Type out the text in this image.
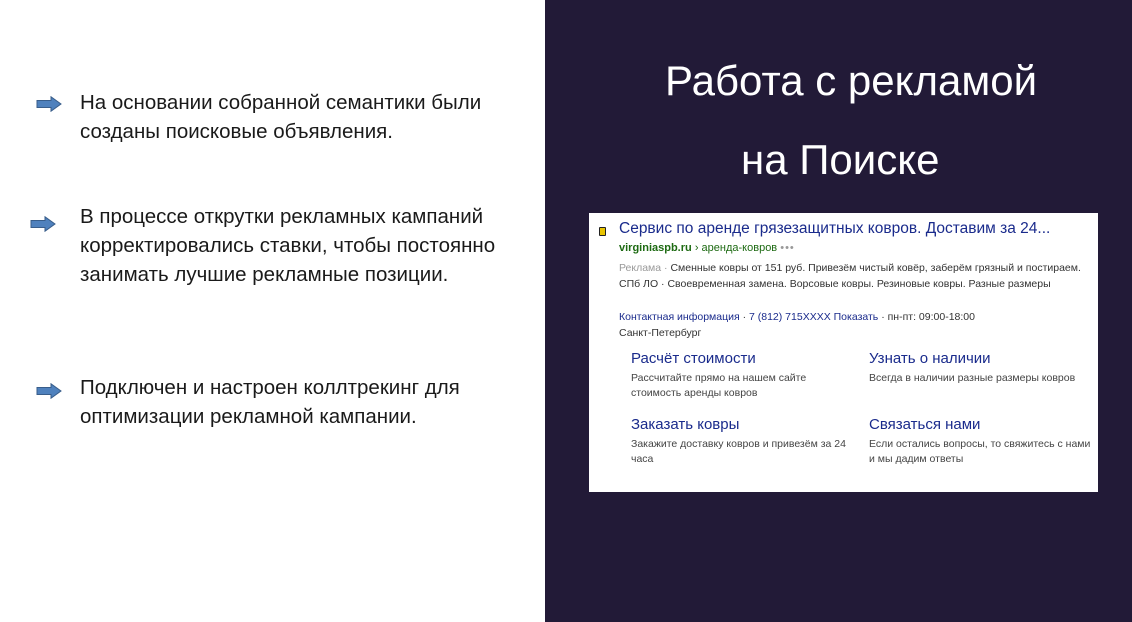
На основании собранной семантики были созданы поисковые объявления.
В процессе открутки рекламных кампаний корректировались ставки, чтобы постоянно занимать лучшие рекламные позиции.
Подключен и настроен коллтрекинг для оптимизации рекламной кампании.
Работа с рекламой
на Поиске
Сервис по аренде грязезащитных ковров. Доставим за 24...
virginiaspb.ru › аренда-ковров •••
Реклама · Сменные ковры от 151 руб. Привезём чистый ковёр, заберём грязный и постираем. СПб ЛО · Своевременная замена. Ворсовые ковры. Резиновые ковры. Разные размеры
Контактная информация · 7 (812) 715XXXX Показать · пн-пт: 09:00-18:00
Санкт-Петербург
Расчёт стоимости
Рассчитайте прямо на нашем сайте стоимость аренды ковров
Узнать о наличии
Всегда в наличии разные размеры ковров
Заказать ковры
Закажите доставку ковров и привезём за 24 часа
Связаться нами
Если остались вопросы, то свяжитесь с нами и мы дадим ответы
